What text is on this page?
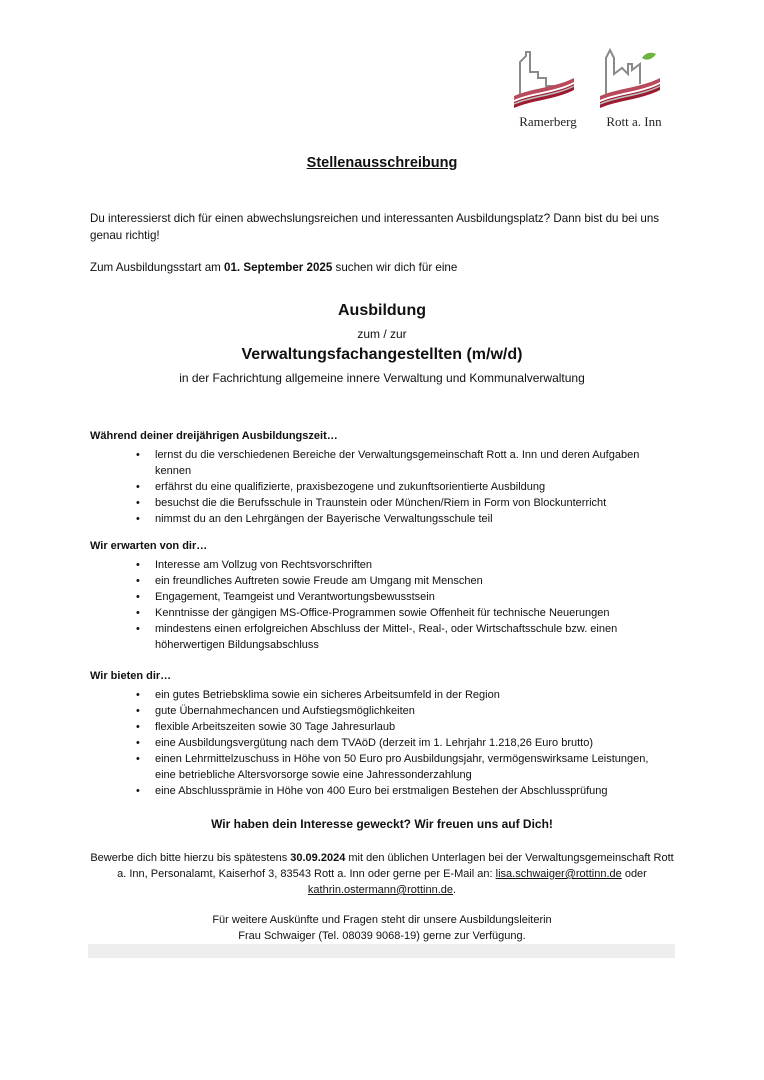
Ramerberg	Rott a. Inn
Stellenausschreibung

Du interessierst dich für einen abwechslungsreichen und interessanten Ausbildungsplatz? Dann bist du bei uns genau richtig!

Zum Ausbildungsstart am 01. September 2025 suchen wir dich für eine

Ausbildung

zum / zur

Verwaltungsfachangestellten (m/w/d)

in der Fachrichtung allgemeine innere Verwaltung und Kommunalverwaltung

Während deiner dreijährigen Ausbildungszeit…
• lernst du die verschiedenen Bereiche der Verwaltungsgemeinschaft Rott a. Inn und deren Aufgaben kennen
• erfährst du eine qualifizierte, praxisbezogene und zukunftsorientierte Ausbildung
• besuchst die die Berufsschule in Traunstein oder München/Riem in Form von Blockunterricht
• nimmst du an den Lehrgängen der Bayerische Verwaltungsschule teil
Wir erwarten von dir…
• Interesse am Vollzug von Rechtsvorschriften
• ein freundliches Auftreten sowie Freude am Umgang mit Menschen
• Engagement, Teamgeist und Verantwortungsbewusstsein
• Kenntnisse der gängigen MS-Office-Programmen sowie Offenheit für technische Neuerungen
• mindestens einen erfolgreichen Abschluss der Mittel-, Real-, oder Wirtschaftsschule bzw. einen höherwertigen Bildungsabschluss
Wir bieten dir…
• ein gutes Betriebsklima sowie ein sicheres Arbeitsumfeld in der Region
• gute Übernahmechancen und Aufstiegsmöglichkeiten
• flexible Arbeitszeiten sowie 30 Tage Jahresurlaub
• eine Ausbildungsvergütung nach dem TVAöD (derzeit im 1. Lehrjahr 1.218,26 Euro brutto)
• einen Lehrmittelzuschuss in Höhe von 50 Euro pro Ausbildungsjahr, vermögenswirksame Leistungen, eine betriebliche Altersvorsorge sowie eine Jahressonderzahlung
• eine Abschlussprämie in Höhe von 400 Euro bei erstmaligen Bestehen der Abschlussprüfung

Wir haben dein Interesse geweckt? Wir freuen uns auf Dich!

Bewerbe dich bitte hierzu bis spätestens 30.09.2024 mit den üblichen Unterlagen bei der Verwaltungsgemeinschaft Rott a. Inn, Personalamt, Kaiserhof 3, 83543 Rott a. Inn oder gerne per E-Mail an: lisa.schwaiger@rottinn.de oder kathrin.ostermann@rottinn.de.

Für weitere Auskünfte und Fragen steht dir unsere Ausbildungsleiterin
Frau Schwaiger (Tel. 08039 9068-19) gerne zur Verfügung.
